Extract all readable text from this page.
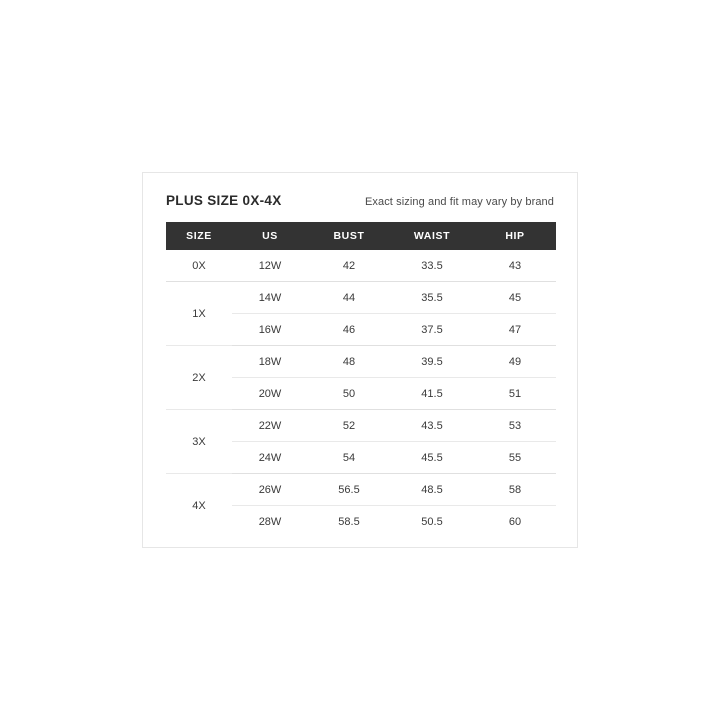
PLUS SIZE 0X-4X	Exact sizing and fit may vary by brand
SIZE	US	BUST	WAIST	HIP
0X	12W	42	33.5	43
1X	14W	44	35.5	45
	16W	46	37.5	47
2X	18W	48	39.5	49
	20W	50	41.5	51
3X	22W	52	43.5	53
	24W	54	45.5	55
4X	26W	56.5	48.5	58
	28W	58.5	50.5	60
